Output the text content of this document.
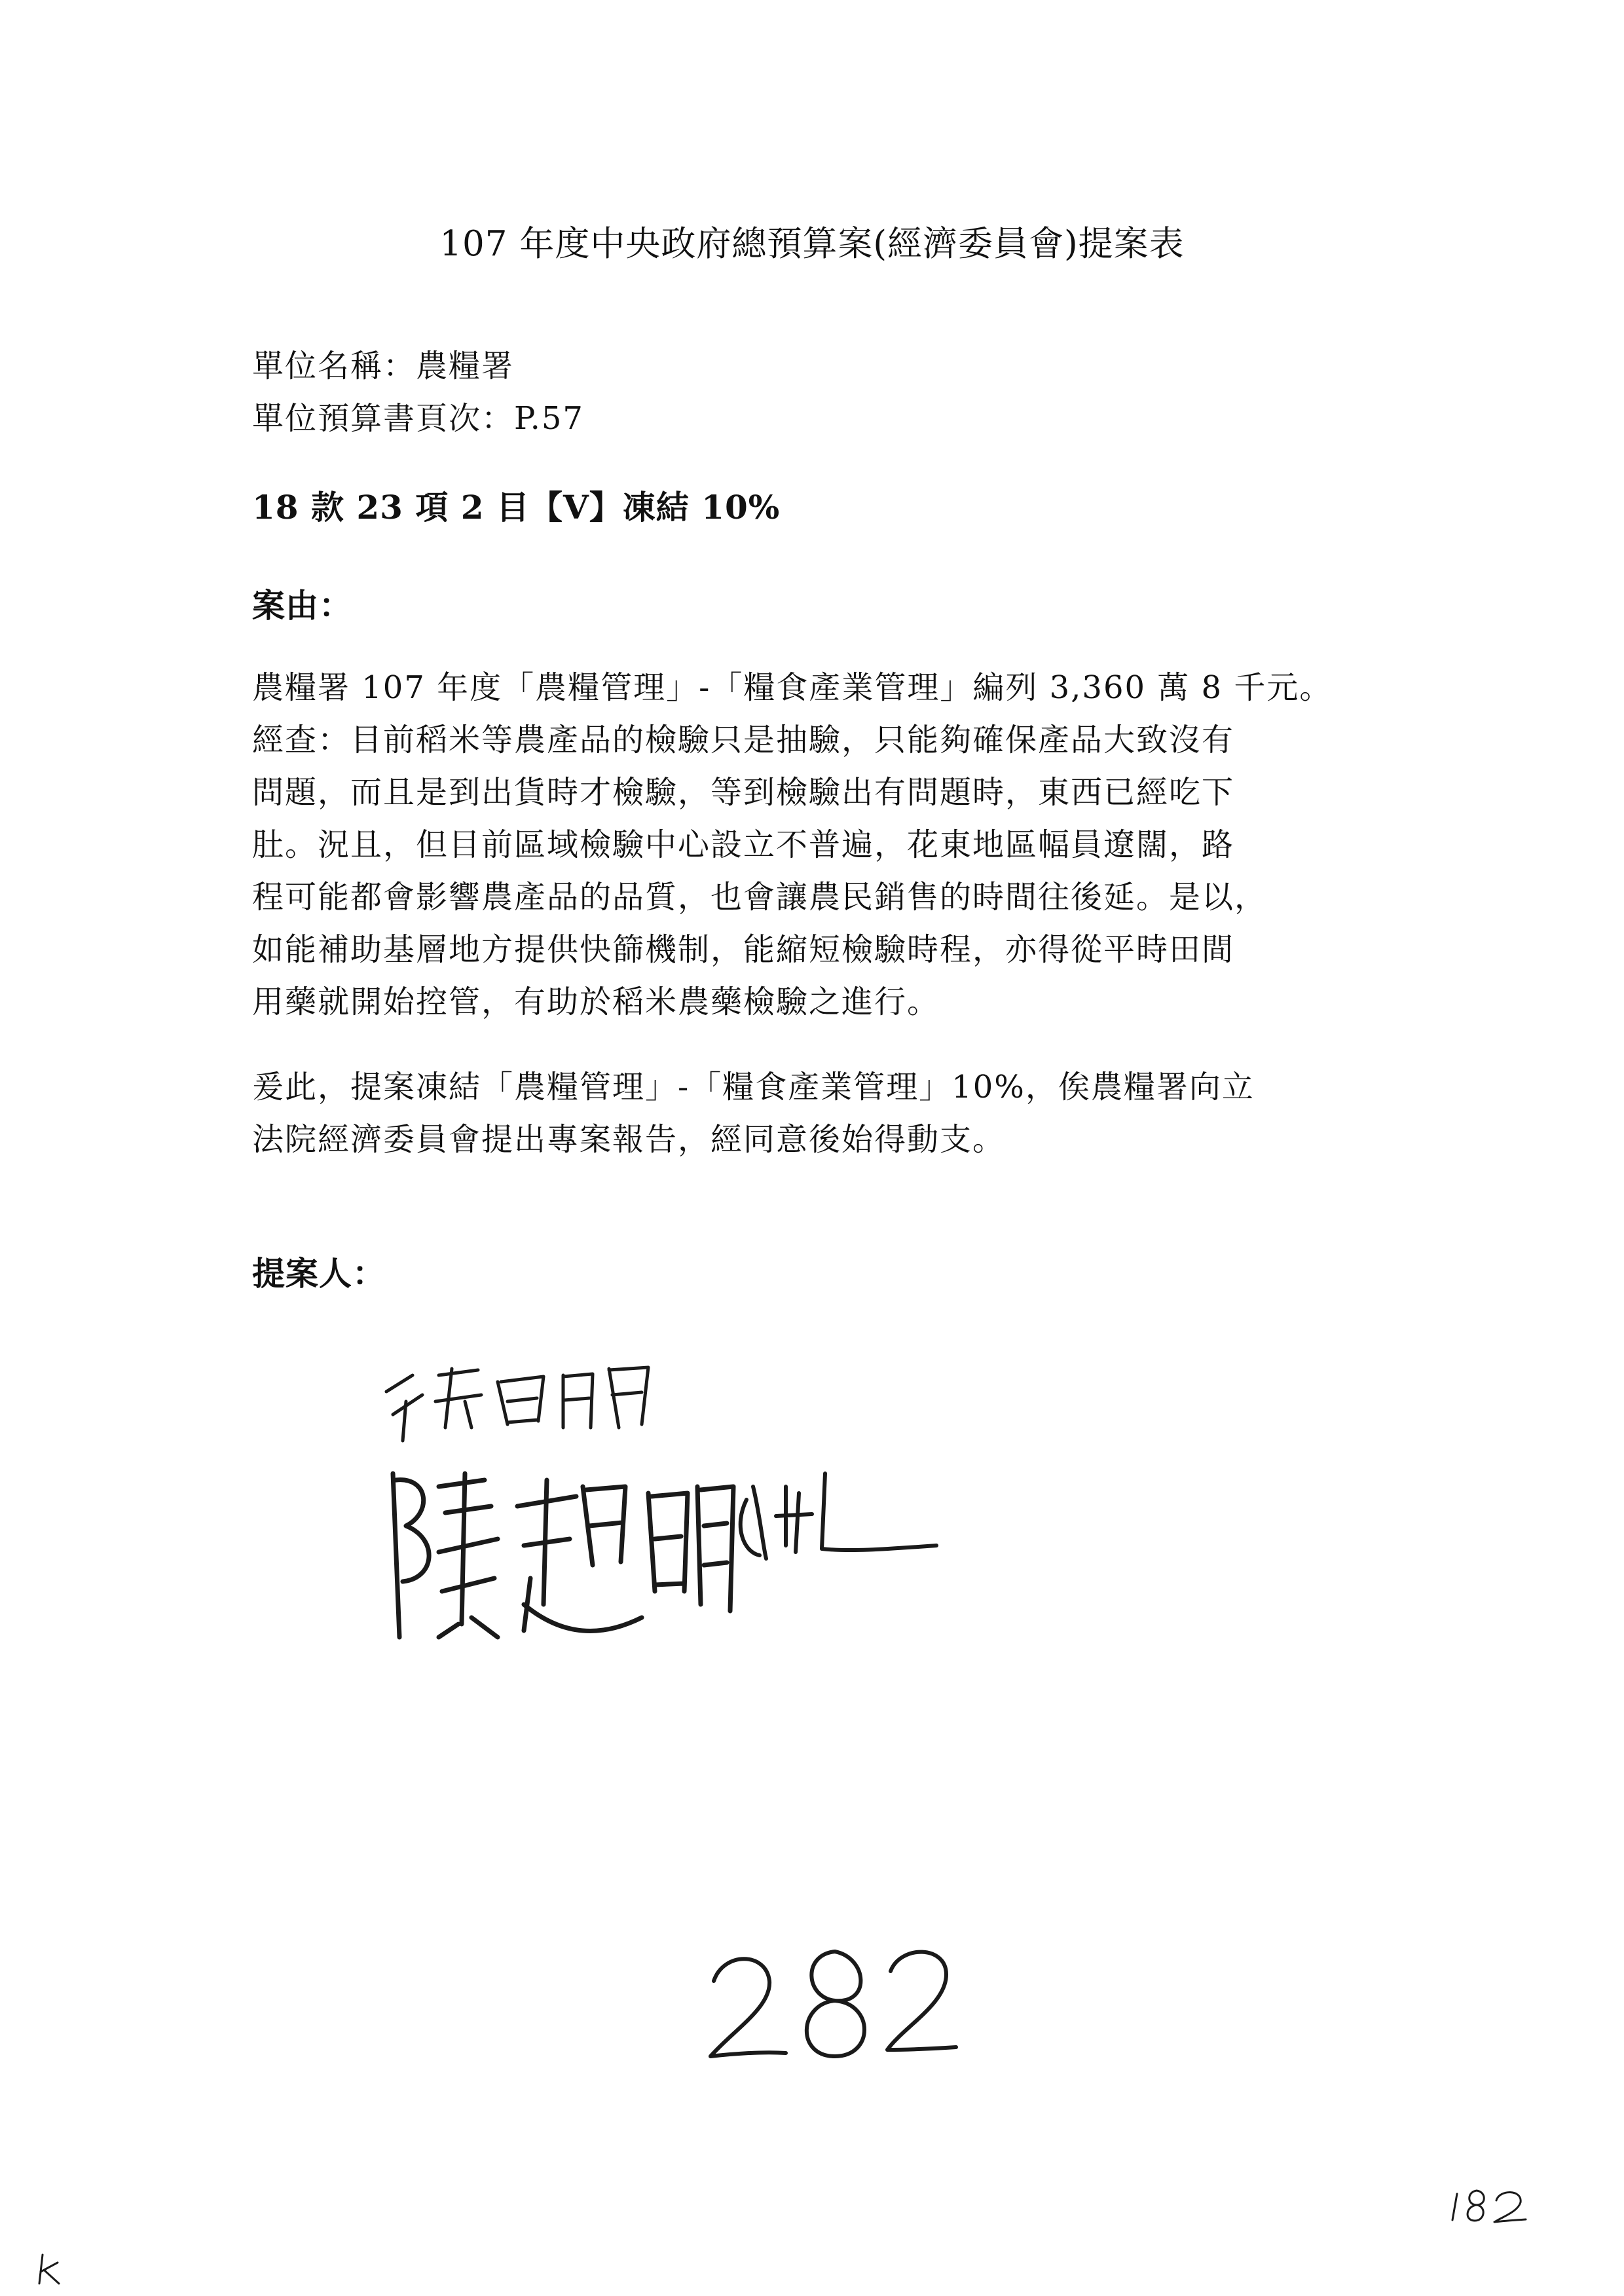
107 年度中央政府總預算案(經濟委員會)提案表
單位名稱：農糧署
單位預算書頁次：P.57
18 款 23 項 2 目【V】凍結 10%
案由：
農糧署 107 年度「農糧管理」-「糧食產業管理」編列 3,360 萬 8 千元。
經查：目前稻米等農產品的檢驗只是抽驗，只能夠確保產品大致沒有
問題，而且是到出貨時才檢驗，等到檢驗出有問題時，東西已經吃下
肚。況且，但目前區域檢驗中心設立不普遍，花東地區幅員遼闊，路
程可能都會影響農產品的品質，也會讓農民銷售的時間往後延。是以，
如能補助基層地方提供快篩機制，能縮短檢驗時程，亦得從平時田間
用藥就開始控管，有助於稻米農藥檢驗之進行。
爰此，提案凍結「農糧管理」-「糧食產業管理」10%，俟農糧署向立
法院經濟委員會提出專案報告，經同意後始得動支。
提案人：
